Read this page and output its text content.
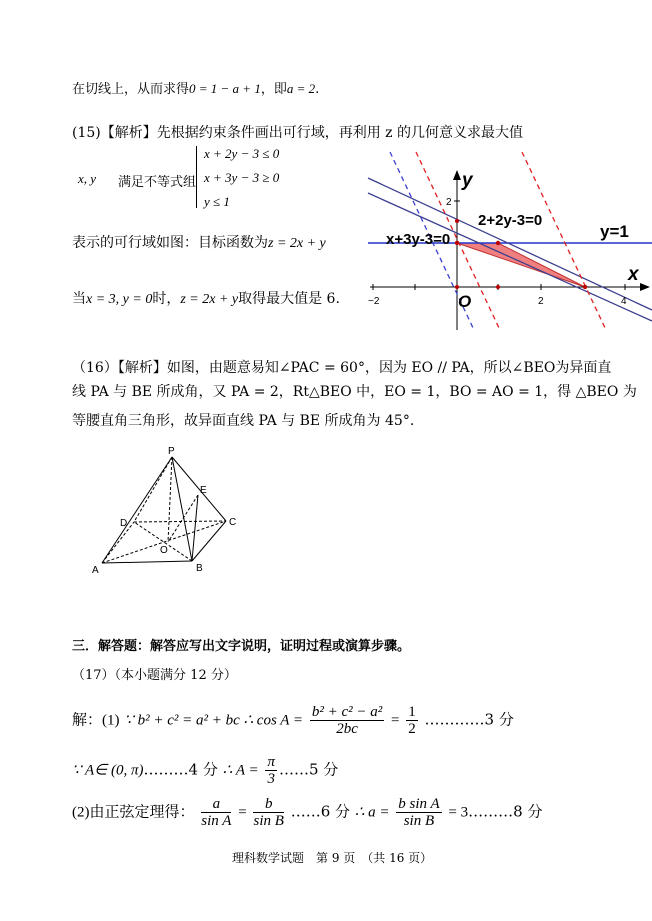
在切线上，从而求得0 = 1 − a + 1，即a = 2.
(15)【解析】先根据约束条件画出可行域，再利用 z 的几何意义求最大值
x, y 满足不等式组
x + 2y − 3 ≤ 0
x + 3y − 3 ≥ 0
y ≤ 1
表示的可行域如图：目标函数为z = 2x + y
当x = 3, y = 0时，z = 2x + y取得最大值是 6.
x+3y-3=0
2+2y-3=0
y=1
x
y
O
−2	2	4
2
（16）【解析】如图，由题意易知∠PAC = 60°，因为 EO // PA，所以∠BEO为异面直
线 PA 与 BE 所成角，又 PA = 2，Rt△BEO 中，EO = 1，BO = AO = 1，得 △BEO 为
等腰直角三角形，故异面直线 PA 与 BE 所成角为 45°.
P
E
D	C
O
A	B
三．解答题：解答应写出文字说明，证明过程或演算步骤。
（17）（本小题满分 12 分）
解：(1) ∵ b² + c² = a² + bc ∴ $\cos A = \frac{\text{b² + c² − a²}}{2bc} = \frac{1}{2}$ …………3 分
∵ A∈ (0, π)………4 分 ∴ $A = \frac{\pi}{3}$ ……5 分
(2)由正弦定理得： $\frac{a}{\text{sin A}} = \frac{b}{\text{sin B}}$ ……6 分 ∴ $a = \frac{\text{b sin A}}{\text{sin B}}$ = 3………8 分
理科数学试题　第 9 页　（共 16 页）
